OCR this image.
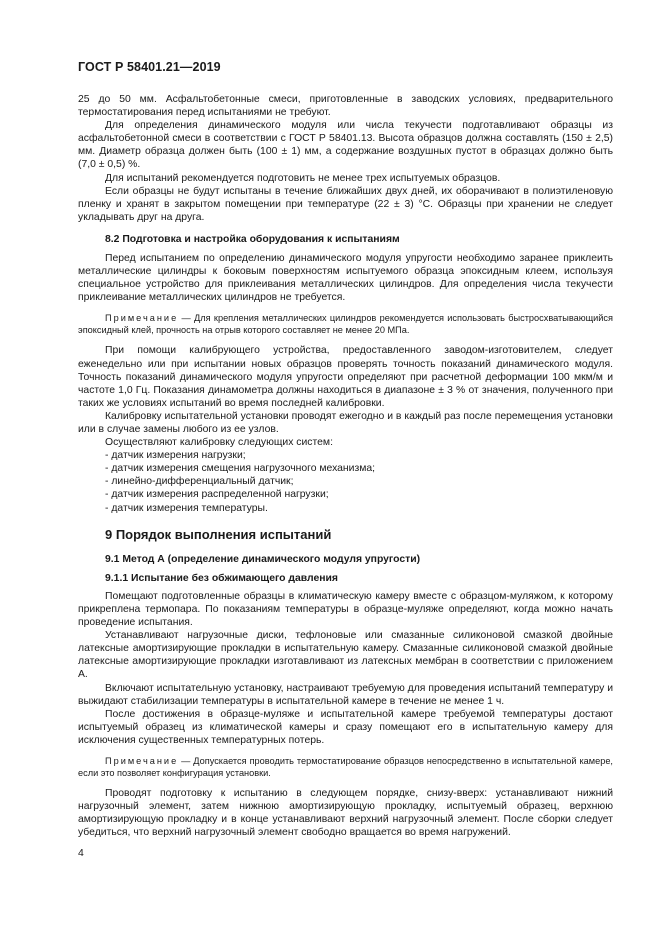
ГОСТ Р 58401.21—2019

25 до 50 мм. Асфальтобетонные смеси, приготовленные в заводских условиях, предварительного термостатирования перед испытаниями не требуют.

Для определения динамического модуля или числа текучести подготавливают образцы из асфальтобетонной смеси в соответствии с ГОСТ Р 58401.13. Высота образцов должна составлять (150 ± 2,5) мм. Диаметр образца должен быть (100 ± 1) мм, а содержание воздушных пустот в образцах должно быть (7,0 ± 0,5) %.

Для испытаний рекомендуется подготовить не менее трех испытуемых образцов.

Если образцы не будут испытаны в течение ближайших двух дней, их оборачивают в полиэтиленовую пленку и хранят в закрытом помещении при температуре (22 ± 3) °С. Образцы при хранении не следует укладывать друг на друга.

8.2 Подготовка и настройка оборудования к испытаниям

Перед испытанием по определению динамического модуля упругости необходимо заранее приклеить металлические цилиндры к боковым поверхностям испытуемого образца эпоксидным клеем, используя специальное устройство для приклеивания металлических цилиндров. Для определения числа текучести приклеивание металлических цилиндров не требуется.

Примечание — Для крепления металлических цилиндров рекомендуется использовать быстросхватывающийся эпоксидный клей, прочность на отрыв которого составляет не менее 20 МПа.

При помощи калибрующего устройства, предоставленного заводом-изготовителем, следует еженедельно или при испытании новых образцов проверять точность показаний динамического модуля. Точность показаний динамического модуля упругости определяют при расчетной деформации 100 мкм/м и частоте 1,0 Гц. Показания динамометра должны находиться в диапазоне ± 3 % от значения, полученного при таких же условиях испытаний во время последней калибровки.

Калибровку испытательной установки проводят ежегодно и в каждый раз после перемещения установки или в случае замены любого из ее узлов.

Осуществляют калибровку следующих систем:

- датчик измерения нагрузки;
- датчик измерения смещения нагрузочного механизма;
- линейно-дифференциальный датчик;
- датчик измерения распределенной нагрузки;
- датчик измерения температуры.

9 Порядок выполнения испытаний

9.1 Метод А (определение динамического модуля упругости)

9.1.1 Испытание без обжимающего давления

Помещают подготовленные образцы в климатическую камеру вместе с образцом-муляжом, к которому прикреплена термопара. По показаниям температуры в образце-муляже определяют, когда можно начать проведение испытания.

Устанавливают нагрузочные диски, тефлоновые или смазанные силиконовой смазкой двойные латексные амортизирующие прокладки в испытательную камеру. Смазанные силиконовой смазкой двойные латексные амортизирующие прокладки изготавливают из латексных мембран в соответствии с приложением А.

Включают испытательную установку, настраивают требуемую для проведения испытаний температуру и выжидают стабилизации температуры в испытательной камере в течение не менее 1 ч.

После достижения в образце-муляже и испытательной камере требуемой температуры достают испытуемый образец из климатической камеры и сразу помещают его в испытательную камеру для исключения существенных температурных потерь.

Примечание — Допускается проводить термостатирование образцов непосредственно в испытательной камере, если это позволяет конфигурация установки.

Проводят подготовку к испытанию в следующем порядке, снизу-вверх: устанавливают нижний нагрузочный элемент, затем нижнюю амортизирующую прокладку, испытуемый образец, верхнюю амортизирующую прокладку и в конце устанавливают верхний нагрузочный элемент. После сборки следует убедиться, что верхний нагрузочный элемент свободно вращается во время нагружений.

4
